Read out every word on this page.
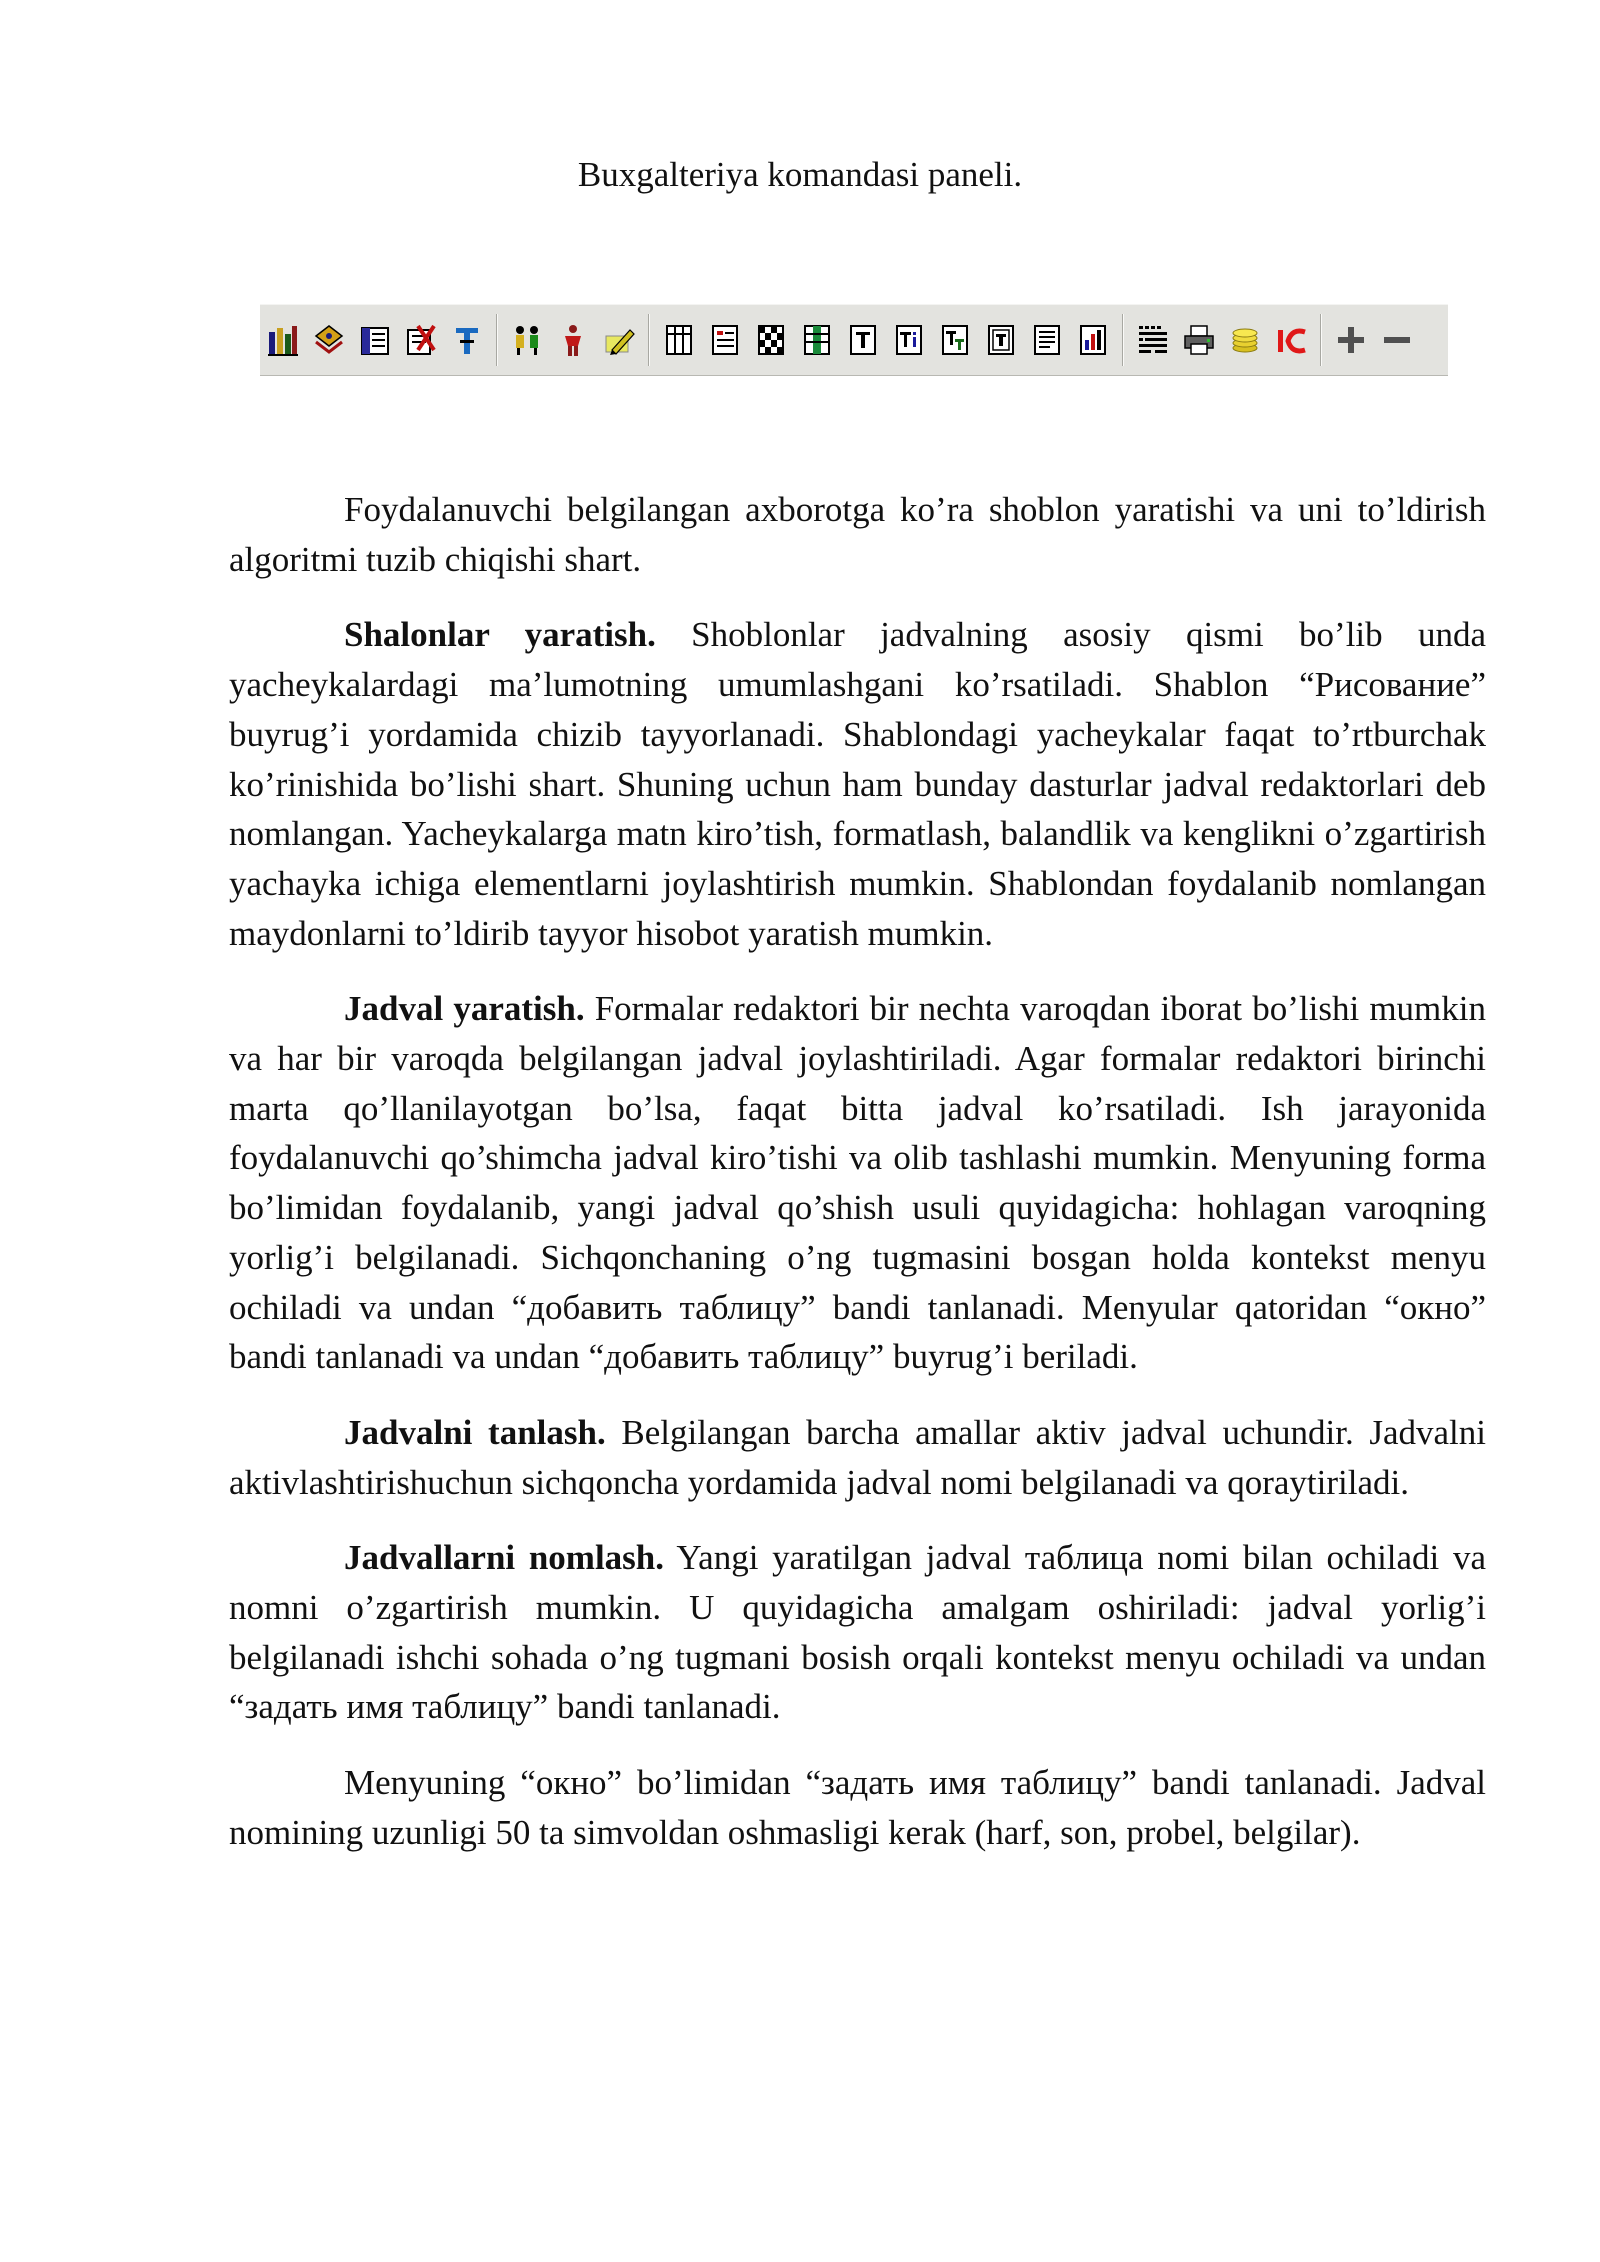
Buxgalteriya komandasi paneli.

Foydalanuvchi belgilangan axborotga ko’ra shoblon yaratishi va uni to’ldirish algoritmi tuzib chiqishi shart.

Shalonlar yaratish. Shoblonlar jadvalning asosiy qismi bo’lib unda yacheykalardagi ma’lumotning umumlashgani ko’rsatiladi. Shablon “Рисование” buyrug’i yordamida chizib tayyorlanadi. Shablondagi yacheykalar faqat to’rtburchak ko’rinishida bo’lishi shart. Shuning uchun ham bunday dasturlar jadval redaktorlari deb nomlangan. Yacheykalarga matn kiro’tish, formatlash, balandlik va kenglikni o’zgartirish yachayka ichiga elementlarni joylashtirish mumkin. Shablondan foydalanib nomlangan maydonlarni to’ldirib tayyor hisobot yaratish mumkin.

Jadval yaratish. Formalar redaktori bir nechta varoqdan iborat bo’lishi mumkin va har bir varoqda belgilangan jadval joylashtiriladi. Agar formalar redaktori birinchi marta qo’llanilayotgan bo’lsa, faqat bitta jadval ko’rsatiladi. Ish jarayonida foydalanuvchi qo’shimcha jadval kiro’tishi va olib tashlashi mumkin. Menyuning forma bo’limidan foydalanib, yangi jadval qo’shish usuli quyidagicha: hohlagan varoqning yorlig’i belgilanadi. Sichqonchaning o’ng tugmasini bosgan holda kontekst menyu ochiladi va undan “добавить таблицу” bandi tanlanadi. Menyular qatoridan “окно” bandi tanlanadi va undan “добавить таблицу” buyrug’i beriladi.

Jadvalni tanlash. Belgilangan barcha amallar aktiv jadval uchundir. Jadvalni aktivlashtirishuchun sichqoncha yordamida jadval nomi belgilanadi va qoraytiriladi.

Jadvallarni nomlash. Yangi yaratilgan jadval таблица nomi bilan ochiladi va nomni o’zgartirish mumkin. U quyidagicha amalgam oshiriladi: jadval yorlig’i belgilanadi ishchi sohada o’ng tugmani bosish orqali kontekst menyu ochiladi va undan “задать имя таблицу” bandi tanlanadi.

Menyuning “окно” bo’limidan “задать имя таблицу” bandi tanlanadi. Jadval nomining uzunligi 50 ta simvoldan oshmasligi kerak (harf, son, probel, belgilar).
